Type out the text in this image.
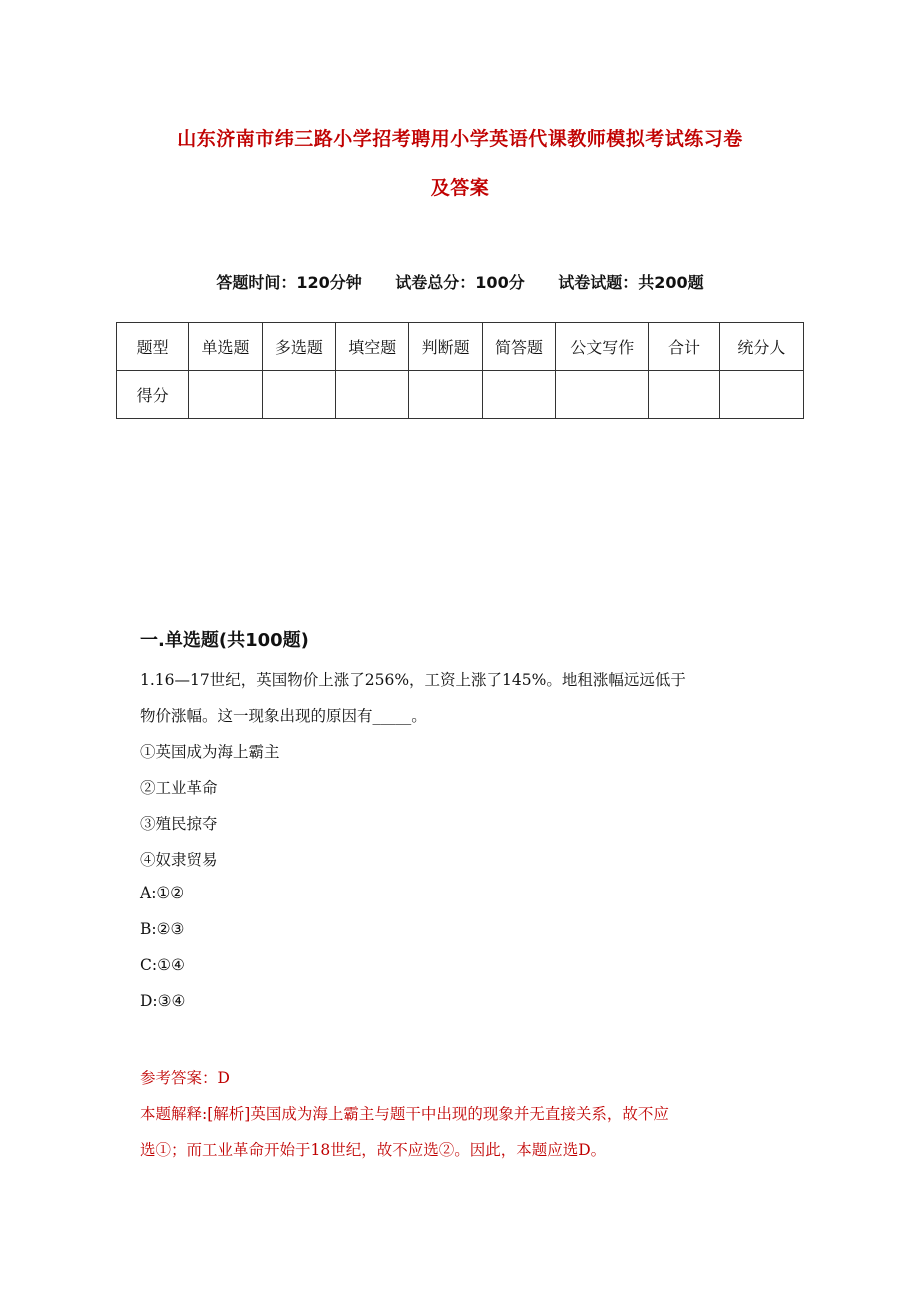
山东济南市纬三路小学招考聘用小学英语代课教师模拟考试练习卷
及答案
答题时间：120分钟 试卷总分：100分 试卷试题：共200题
题型	单选题	多选题	填空题	判断题	简答题	公文写作	合计	统分人
得分								
一.单选题(共100题)
1.16—17世纪，英国物价上涨了256%，工资上涨了145%。地租涨幅远远低于
物价涨幅。这一现象出现的原因有_____。
①英国成为海上霸主
②工业革命
③殖民掠夺
④奴隶贸易
A:①②
B:②③
C:①④
D:③④
参考答案：D
本题解释:[解析]英国成为海上霸主与题干中出现的现象并无直接关系，故不应
选①；而工业革命开始于18世纪，故不应选②。因此，本题应选D。
